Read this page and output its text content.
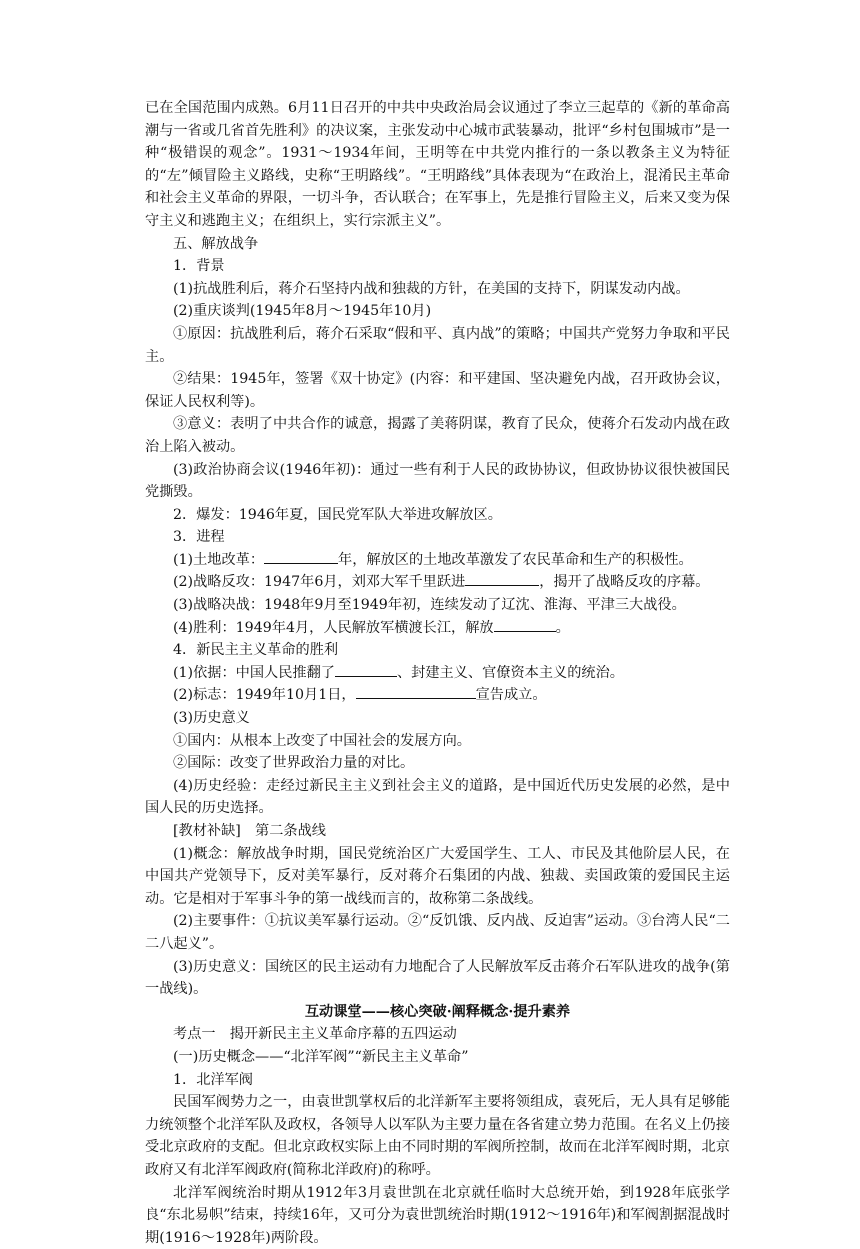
已在全国范围内成熟。6月11日召开的中共中央政治局会议通过了李立三起草的《新的革命高潮与一省或几省首先胜利》的决议案，主张发动中心城市武装暴动，批评“乡村包围城市”是一种“极错误的观念”。1931～1934年间，王明等在中共党内推行的一条以教条主义为特征的“左”倾冒险主义路线，史称“王明路线”。“王明路线”具体表现为“在政治上，混淆民主革命和社会主义革命的界限，一切斗争，否认联合；在军事上，先是推行冒险主义，后来又变为保守主义和逃跑主义；在组织上，实行宗派主义”。

五、解放战争

1．背景

(1)抗战胜利后，蒋介石坚持内战和独裁的方针，在美国的支持下，阴谋发动内战。

(2)重庆谈判(1945年8月～1945年10月)

①原因：抗战胜利后，蒋介石采取“假和平、真内战”的策略；中国共产党努力争取和平民主。

②结果：1945年，签署《双十协定》(内容：和平建国、坚决避免内战，召开政协会议，保证人民权利等)。

③意义：表明了中共合作的诚意，揭露了美蒋阴谋，教育了民众，使蒋介石发动内战在政治上陷入被动。

(3)政治协商会议(1946年初)：通过一些有利于人民的政协协议，但政协协议很快被国民党撕毁。

2．爆发：1946年夏，国民党军队大举进攻解放区。

3．进程

(1)土地改革：	年，解放区的土地改革激发了农民革命和生产的积极性。

(2)战略反攻：1947年6月，刘邓大军千里跃进	，揭开了战略反攻的序幕。

(3)战略决战：1948年9月至1949年初，连续发动了辽沈、淮海、平津三大战役。

(4)胜利：1949年4月，人民解放军横渡长江，解放	。

4．新民主主义革命的胜利

(1)依据：中国人民推翻了	、封建主义、官僚资本主义的统治。

(2)标志：1949年10月1日，	宣告成立。

(3)历史意义

①国内：从根本上改变了中国社会的发展方向。

②国际：改变了世界政治力量的对比。

(4)历史经验：走经过新民主主义到社会主义的道路，是中国近代历史发展的必然，是中国人民的历史选择。

[教材补缺]　 第二条战线

(1)概念：解放战争时期，国民党统治区广大爱国学生、工人、市民及其他阶层人民，在中国共产党领导下，反对美军暴行，反对蒋介石集团的内战、独裁、卖国政策的爱国民主运动。它是相对于军事斗争的第一战线而言的，故称第二条战线。

(2)主要事件：①抗议美军暴行运动。②“反饥饿、反内战、反迫害”运动。③台湾人民“二二八起义”。

(3)历史意义：国统区的民主运动有力地配合了人民解放军反击蒋介石军队进攻的战争(第一战线)。

互动课堂——核心突破·阐释概念·提升素养

考点一　揭开新民主主义革命序幕的五四运动

(一)历史概念——“北洋军阀”“新民主主义革命”

1．北洋军阀

民国军阀势力之一，由袁世凯掌权后的北洋新军主要将领组成，袁死后，无人具有足够能力统领整个北洋军队及政权，各领导人以军队为主要力量在各省建立势力范围。在名义上仍接受北京政府的支配。但北京政权实际上由不同时期的军阀所控制，故而在北洋军阀时期，北京政府又有北洋军阀政府(简称北洋政府)的称呼。

北洋军阀统治时期从1912年3月袁世凯在北京就任临时大总统开始，到1928年底张学良“东北易帜”结束，持续16年，又可分为袁世凯统治时期(1912～1916年)和军阀割据混战时期(1916～1928年)两阶段。
